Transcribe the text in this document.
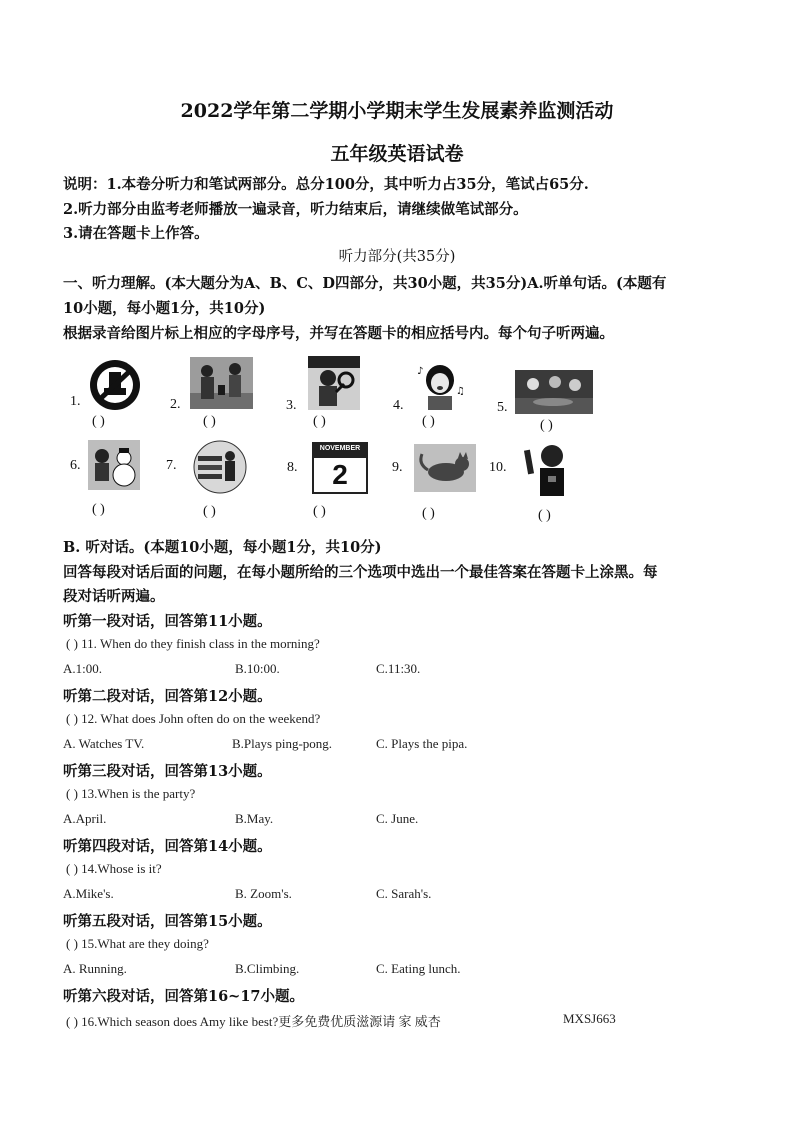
2022学年第二学期小学期末学生发展素养监测活动
五年级英语试卷
说明：1.本卷分听力和笔试两部分。总分100分，其中听力占35分，笔试占65分.
2.听力部分由监考老师播放一遍录音，听力结束后，请继续做笔试部分。
3.请在答题卡上作答。
听力部分(共35分)
一、听力理解。(本大题分为A、B、C、D四部分，共30小题，共35分)A.听单句话。(本题有
10小题，每小题1分，共10分)
根据录音给图片标上相应的字母序号，并写在答题卡的相应括号内。每个句子听两遍。
1.
( )
2.
( )
3.
( )
4.
♪
♫
( )
5.
( )
6.
( )
7.
( )
8.
NOVEMBER
2
( )
9.
( )
10.
( )
B. 听对话。(本题10小题，每小题1分，共10分)
回答每段对话后面的问题，在每小题所给的三个选项中选出一个最佳答案在答题卡上涂黑。每
段对话听两遍。
听第一段对话，回答第11小题。
( ) 11. When do they finish class in the morning?
A.1:00.	B.10:00.	C.11:30.
听第二段对话，回答第12小题。
( ) 12. What does John often do on the weekend?
A. Watches TV.	B.Plays ping-pong.	C. Plays the pipa.
听第三段对话，回答第13小题。
( ) 13.When is the party?
A.April.	B.May.	C. June.
听第四段对话，回答第14小题。
( ) 14.Whose is it?
A.Mike's.	B. Zoom's.	C. Sarah's.
听第五段对话，回答第15小题。
( ) 15.What are they doing?
A. Running.	B.Climbing.	C. Eating lunch.
听第六段对话，回答第16~17小题。
( ) 16.Which season does Amy like best?更多免费优质滋源请 家 威杏	MXSJ663
